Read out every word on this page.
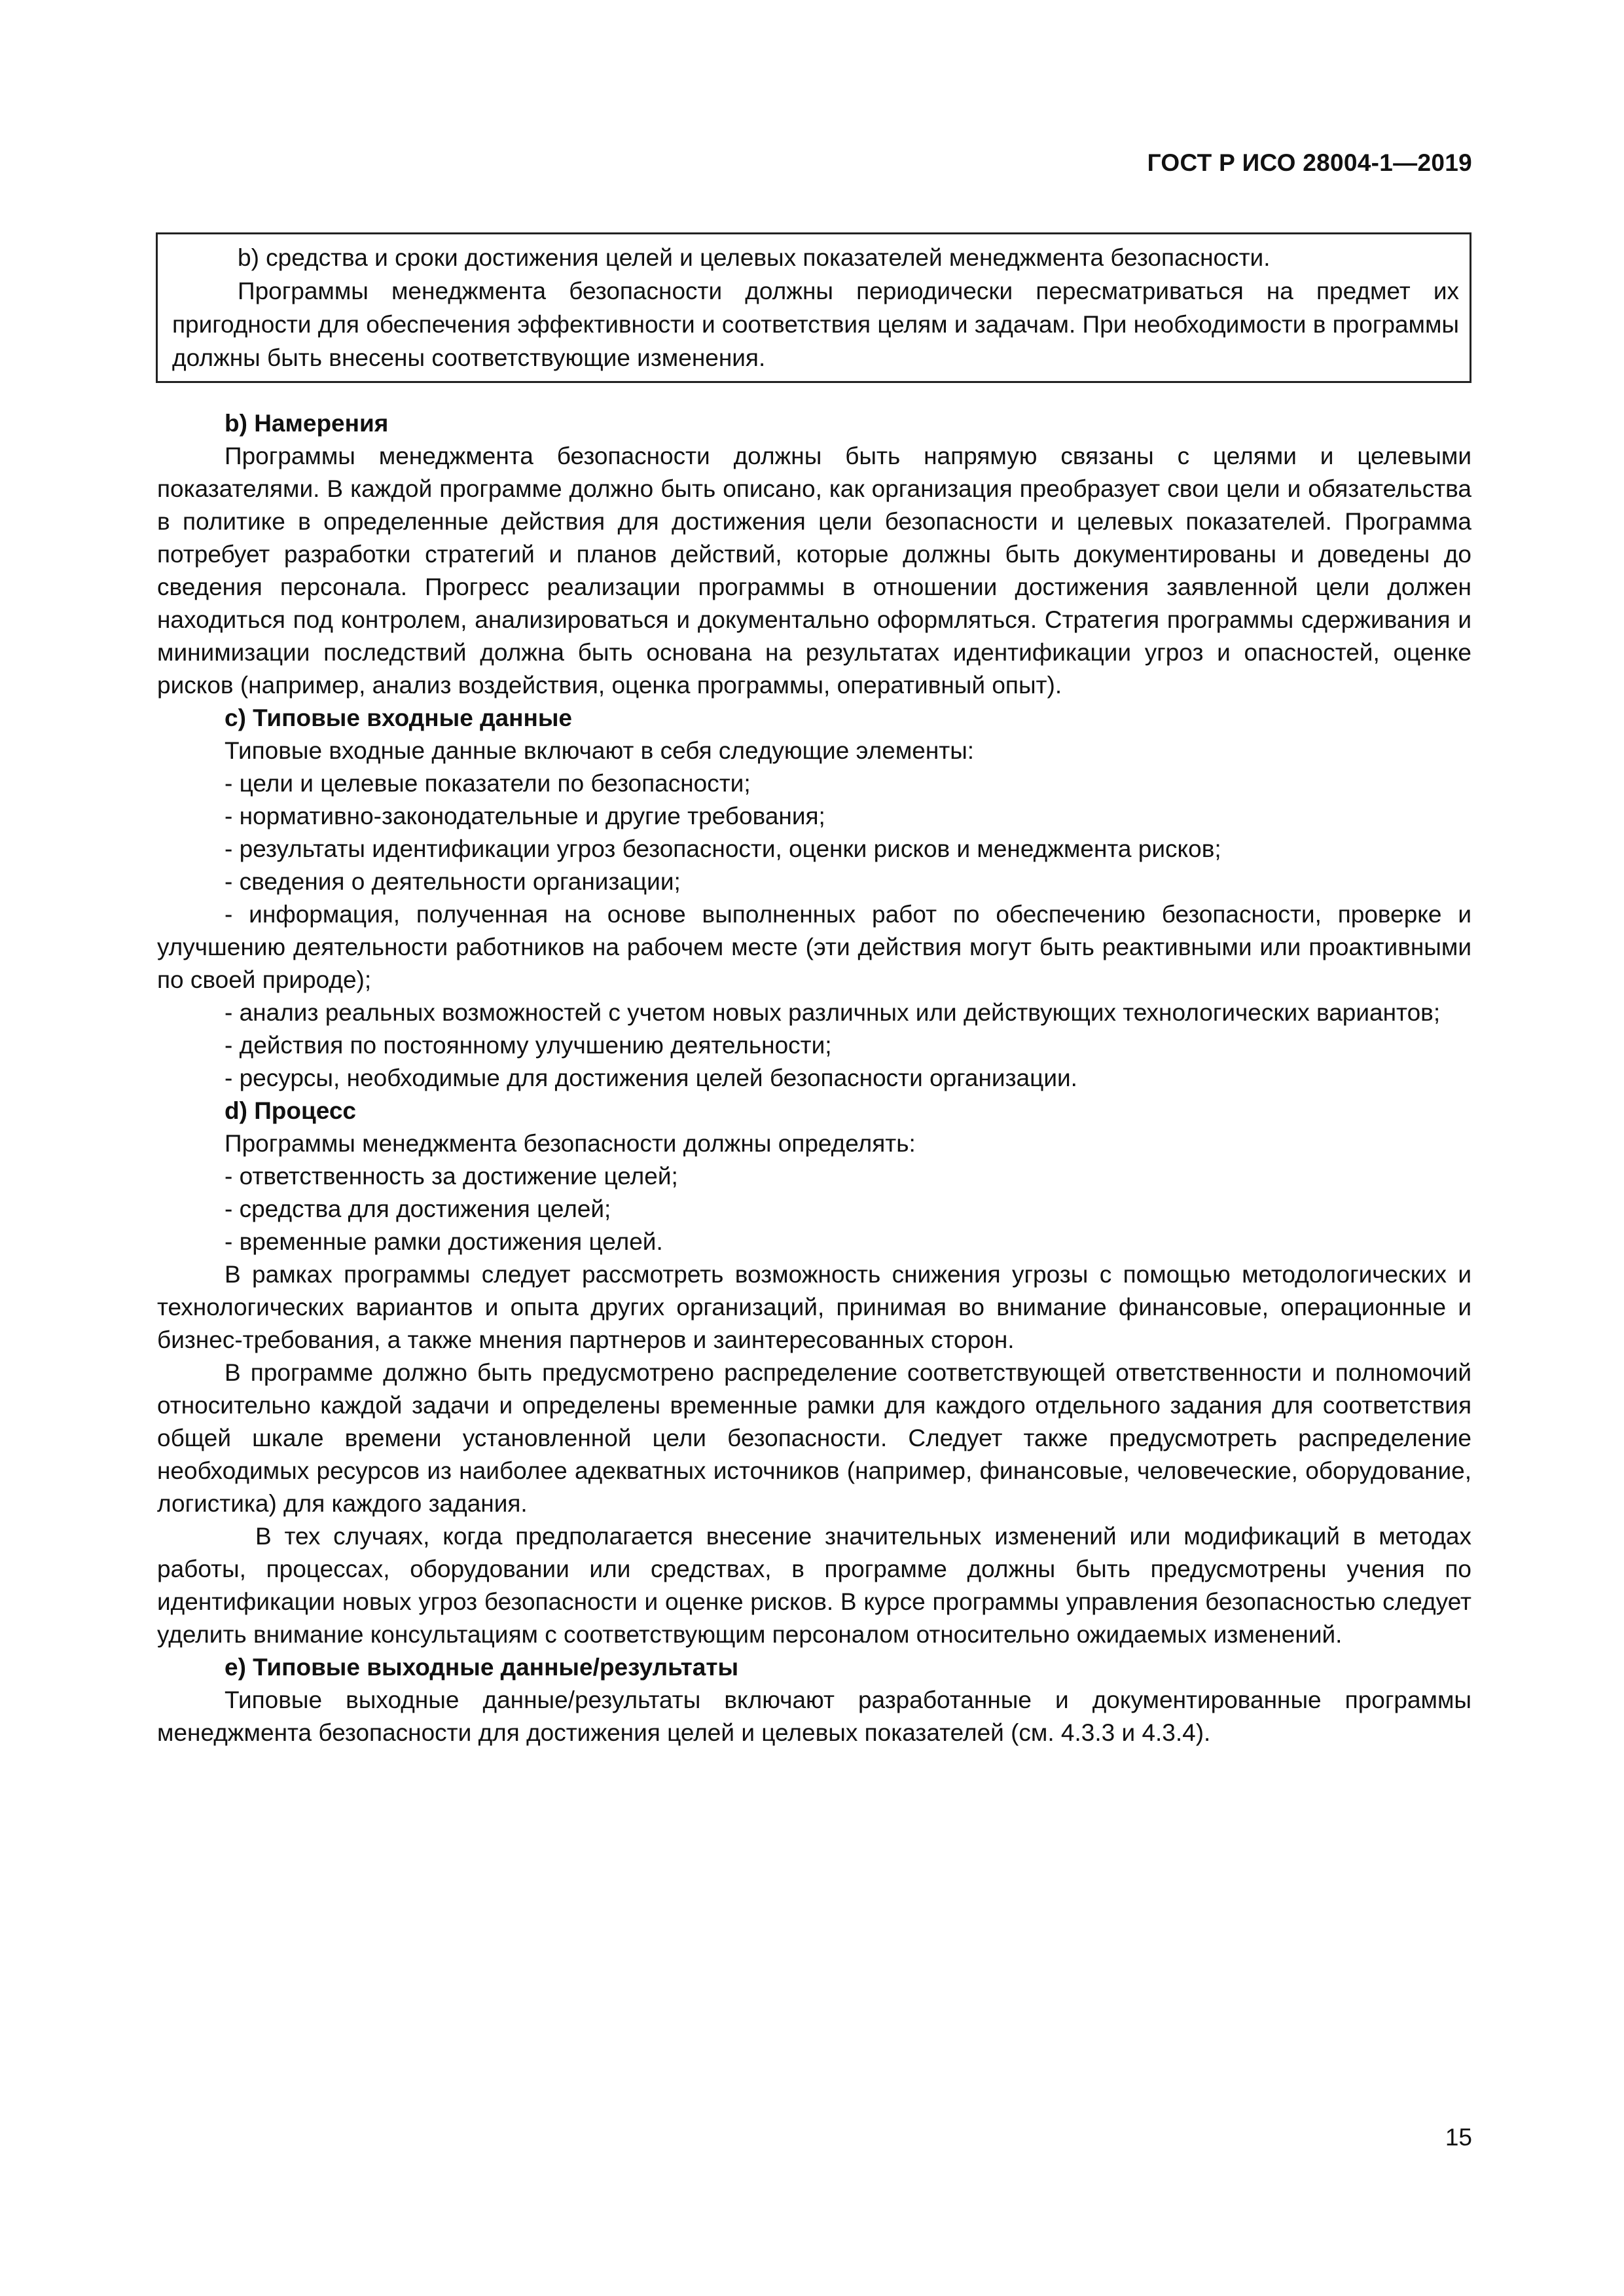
ГОСТ Р ИСО 28004-1—2019

b) средства и сроки достижения целей и целевых показателей менеджмента безопасности.

Программы менеджмента безопасности должны периодически пересматриваться на предмет их пригодности для обеспечения эффективности и соответствия целям и задачам. При необходимости в программы должны быть внесены соответствующие изменения.

b) Намерения

Программы менеджмента безопасности должны быть напрямую связаны с целями и целевыми показателями. В каждой программе должно быть описано, как организация преобразует свои цели и обязательства в политике в определенные действия для достижения цели безопасности и целевых показателей. Программа потребует разработки стратегий и планов действий, которые должны быть документированы и доведены до сведения персонала. Прогресс реализации программы в отношении достижения заявленной цели должен находиться под контролем, анализироваться и документально оформляться. Стратегия программы сдерживания и минимизации последствий должна быть основана на результатах идентификации угроз и опасностей, оценке рисков (например, анализ воздействия, оценка программы, оперативный опыт).

c) Типовые входные данные

Типовые входные данные включают в себя следующие элементы:

- цели и целевые показатели по безопасности;

- нормативно-законодательные и другие требования;

- результаты идентификации угроз безопасности, оценки рисков и менеджмента рисков;

- сведения о деятельности организации;

- информация, полученная на основе выполненных работ по обеспечению безопасности, проверке и улучшению деятельности работников на рабочем месте (эти действия могут быть реактивными или проактивными по своей природе);

- анализ реальных возможностей с учетом новых различных или действующих технологических вариантов;

- действия по постоянному улучшению деятельности;

- ресурсы, необходимые для достижения целей безопасности организации.

d) Процесс

Программы менеджмента безопасности должны определять:

- ответственность за достижение целей;

- средства для достижения целей;

- временные рамки достижения целей.

В рамках программы следует рассмотреть возможность снижения угрозы с помощью методологических и технологических вариантов и опыта других организаций, принимая во внимание финансовые, операционные и бизнес-требования, а также мнения партнеров и заинтересованных сторон.

В программе должно быть предусмотрено распределение соответствующей ответственности и полномочий относительно каждой задачи и определены временные рамки для каждого отдельного задания для соответствия общей шкале времени установленной цели безопасности. Следует также предусмотреть распределение необходимых ресурсов из наиболее адекватных источников (например, финансовые, человеческие, оборудование, логистика) для каждого задания.

В тех случаях, когда предполагается внесение значительных изменений или модификаций в методах работы, процессах, оборудовании или средствах, в программе должны быть предусмотрены учения по идентификации новых угроз безопасности и оценке рисков. В курсе программы управления безопасностью следует уделить внимание консультациям с соответствующим персоналом относительно ожидаемых изменений.

e) Типовые выходные данные/результаты

Типовые выходные данные/результаты включают разработанные и документированные программы менеджмента безопасности для достижения целей и целевых показателей (см. 4.3.3 и 4.3.4).

15
